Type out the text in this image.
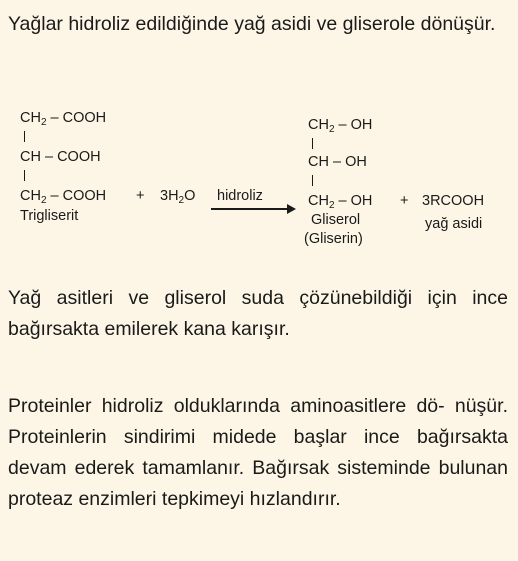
Yağlar hidroliz edildiğinde yağ asidi ve gliserole dönüşür.

$CH_2$ – COOH
CH – COOH
$CH_2$ – COOH
Trigliserit
+ $3H_2O$ hidroliz
$CH_2$ – OH
CH – OH
$CH_2$ – OH
Gliserol
(Gliserin)
+ 3RCOOH
yağ asidi

Yağ asitleri ve gliserol suda çözünebildiği için ince bağırsakta emilerek kana karışır.

Proteinler hidroliz olduklarında aminoasitlere dö- nüşür. Proteinlerin sindirimi midede başlar ince bağırsakta devam ederek tamamlanır. Bağırsak sisteminde bulunan proteaz enzimleri tepkimeyi hızlandırır.
